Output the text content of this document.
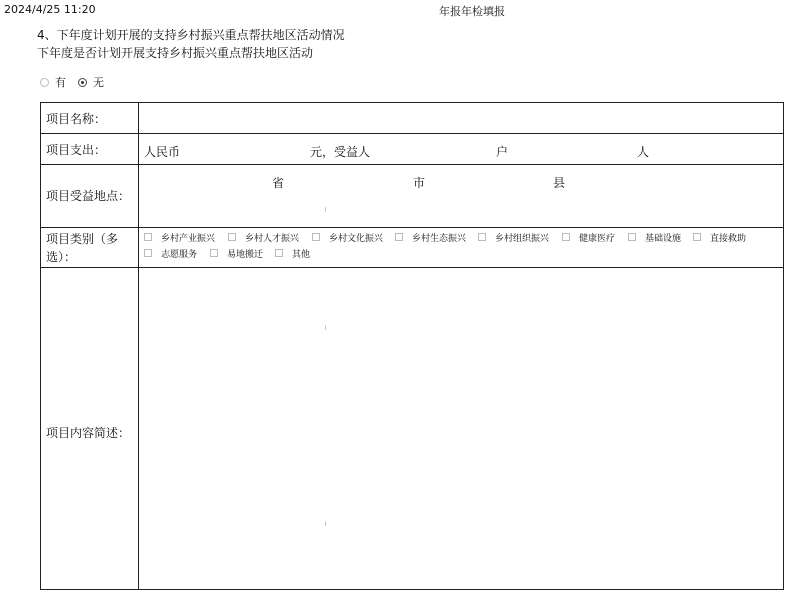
2024/4/25 11:20	年报年检填报
4、下年度计划开展的支持乡村振兴重点帮扶地区活动情况
下年度是否计划开展支持乡村振兴重点帮扶地区活动
有 无
项目名称：
项目支出：	人民币	元，受益人	户	人
项目受益地点：
省	市	县
项目类别（多
选）：
乡村产业振兴	乡村人才振兴	乡村文化振兴	乡村生态振兴	乡村组织振兴	健康医疗	基础设施	直接救助
志愿服务	易地搬迁	其他
项目内容简述：
